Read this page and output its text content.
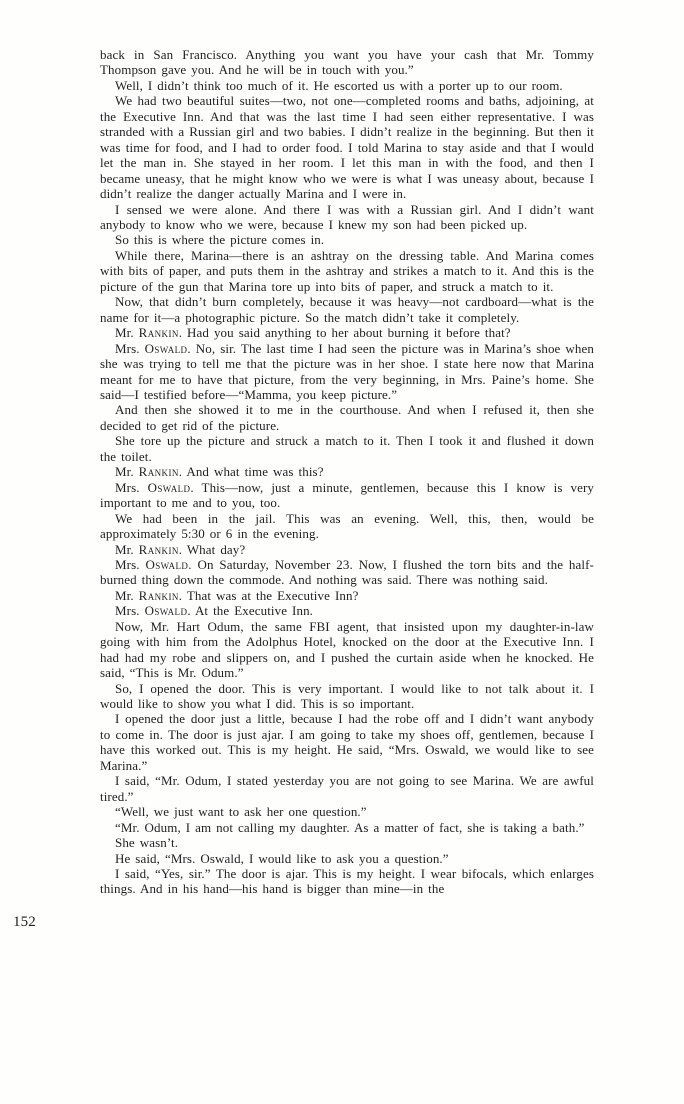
back in San Francisco. Anything you want you have your cash that Mr. Tommy Thompson gave you. And he will be in touch with you.”

Well, I didn’t think too much of it. He escorted us with a porter up to our room.

We had two beautiful suites—two, not one—completed rooms and baths, adjoining, at the Executive Inn. And that was the last time I had seen either representative. I was stranded with a Russian girl and two babies. I didn’t realize in the beginning. But then it was time for food, and I had to order food. I told Marina to stay aside and that I would let the man in. She stayed in her room. I let this man in with the food, and then I became uneasy, that he might know who we were is what I was uneasy about, because I didn’t realize the danger actually Marina and I were in.

I sensed we were alone. And there I was with a Russian girl. And I didn’t want anybody to know who we were, because I knew my son had been picked up.

So this is where the picture comes in.

While there, Marina—there is an ashtray on the dressing table. And Marina comes with bits of paper, and puts them in the ashtray and strikes a match to it. And this is the picture of the gun that Marina tore up into bits of paper, and struck a match to it.

Now, that didn’t burn completely, because it was heavy—not cardboard—what is the name for it—a photographic picture. So the match didn’t take it completely.

Mr. Rankin. Had you said anything to her about burning it before that?

Mrs. Oswald. No, sir. The last time I had seen the picture was in Marina’s shoe when she was trying to tell me that the picture was in her shoe. I state here now that Marina meant for me to have that picture, from the very beginning, in Mrs. Paine’s home. She said—I testified before—“Mamma, you keep picture.”

And then she showed it to me in the courthouse. And when I refused it, then she decided to get rid of the picture.

She tore up the picture and struck a match to it. Then I took it and flushed it down the toilet.

Mr. Rankin. And what time was this?

Mrs. Oswald. This—now, just a minute, gentlemen, because this I know is very important to me and to you, too.

We had been in the jail. This was an evening. Well, this, then, would be approximately 5:30 or 6 in the evening.

Mr. Rankin. What day?

Mrs. Oswald. On Saturday, November 23. Now, I flushed the torn bits and the half-burned thing down the commode. And nothing was said. There was nothing said.

Mr. Rankin. That was at the Executive Inn?

Mrs. Oswald. At the Executive Inn.

Now, Mr. Hart Odum, the same FBI agent, that insisted upon my daughter-in-law going with him from the Adolphus Hotel, knocked on the door at the Executive Inn. I had had my robe and slippers on, and I pushed the curtain aside when he knocked. He said, “This is Mr. Odum.”

So, I opened the door. This is very important. I would like to not talk about it. I would like to show you what I did. This is so important.

I opened the door just a little, because I had the robe off and I didn’t want anybody to come in. The door is just ajar. I am going to take my shoes off, gentlemen, because I have this worked out. This is my height. He said, “Mrs. Oswald, we would like to see Marina.”

I said, “Mr. Odum, I stated yesterday you are not going to see Marina. We are awful tired.”

“Well, we just want to ask her one question.”

“Mr. Odum, I am not calling my daughter. As a matter of fact, she is taking a bath.”

She wasn’t.

He said, “Mrs. Oswald, I would like to ask you a question.”

I said, “Yes, sir.” The door is ajar. This is my height. I wear bifocals, which enlarges things. And in his hand—his hand is bigger than mine—in the

152
